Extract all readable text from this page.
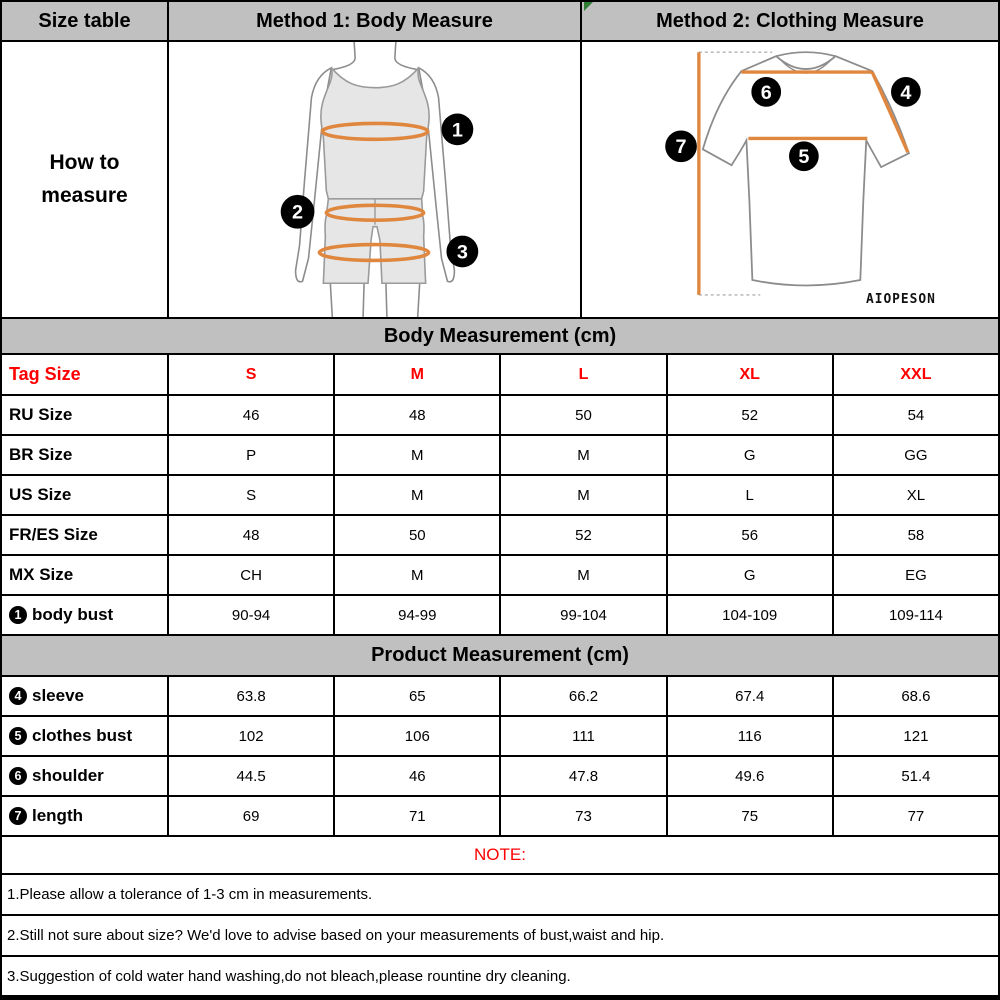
Size table	Method 1: Body Measure	Method 2: Clothing Measure
How to measure
1
2
3
6	4
5
7
AIOPESON
Body Measurement (cm)
Tag Size	S	M	L	XL	XXL
RU Size	46	48	50	52	54
BR Size	P	M	M	G	GG
US Size	S	M	M	L	XL
FR/ES Size	48	50	52	56	58
MX Size	CH	M	M	G	EG
1 body bust	90-94	94-99	99-104	104-109	109-114
Product Measurement (cm)
4 sleeve	63.8	65	66.2	67.4	68.6
5 clothes bust	102	106	111	116	121
6 shoulder	44.5	46	47.8	49.6	51.4
7 length	69	71	73	75	77
NOTE:
1.Please allow a tolerance of 1-3 cm in measurements.
2.Still not sure about size? We'd love to advise based on your measurements of bust,waist and hip.
3.Suggestion of cold water hand washing,do not bleach,please rountine dry cleaning.
